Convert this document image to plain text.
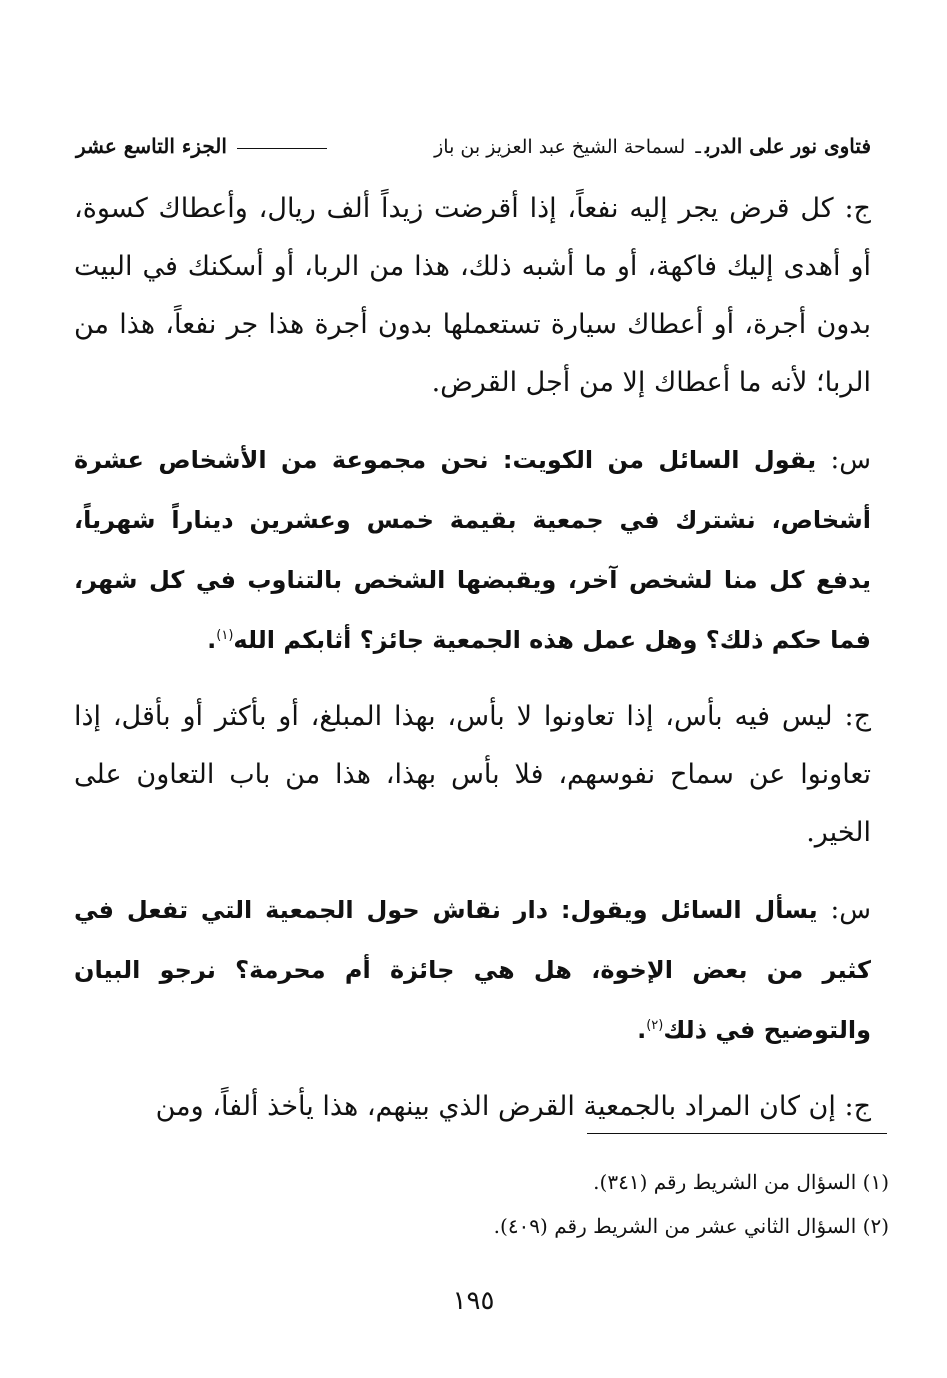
فتاوى نور على الدربـ لسماحة الشيخ عبد العزيز بن باز
الجزء التاسع عشر

ج: كل قرض يجر إليه نفعاً، إذا أقرضت زيداً ألف ريال، وأعطاك كسوة، أو أهدى إليك فاكهة، أو ما أشبه ذلك، هذا من الربا، أو أسكنك في البيت بدون أجرة، أو أعطاك سيارة تستعملها بدون أجرة هذا جر نفعاً، هذا من الربا؛ لأنه ما أعطاك إلا من أجل القرض.

س: يقول السائل من الكويت: نحن مجموعة من الأشخاص عشرة أشخاص، نشترك في جمعية بقيمة خمس وعشرين ديناراً شهرياً، يدفع كل منا لشخص آخر، ويقبضها الشخص بالتناوب في كل شهر، فما حكم ذلك؟ وهل عمل هذه الجمعية جائز؟ أثابكم الله$^{(١)}$.

ج: ليس فيه بأس، إذا تعاونوا لا بأس، بهذا المبلغ، أو بأكثر أو بأقل، إذا تعاونوا عن سماح نفوسهم، فلا بأس بهذا، هذا من باب التعاون على الخير.

س: يسأل السائل ويقول: دار نقاش حول الجمعية التي تفعل في كثير من بعض الإخوة، هل هي جائزة أم محرمة؟ نرجو البيان والتوضيح في ذلك$^{(٢)}$.

ج: إن كان المراد بالجمعية القرض الذي بينهم، هذا يأخذ ألفاً، ومن

(١) السؤال من الشريط رقم (٣٤١).

(٢) السؤال الثاني عشر من الشريط رقم (٤٠٩).

١٩٥
